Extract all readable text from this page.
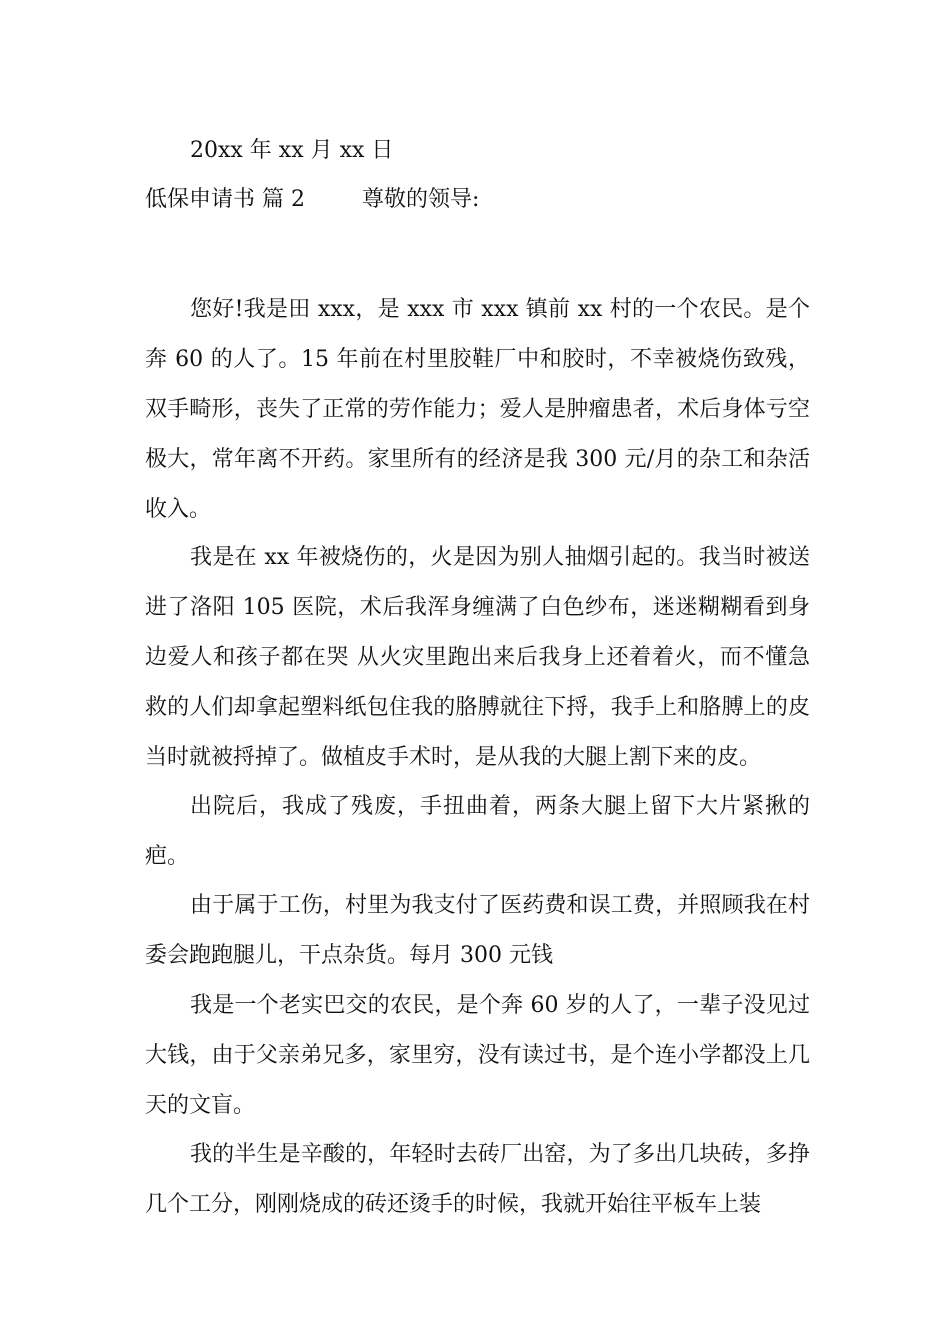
20xx 年 xx 月 xx 日
低保申请书 篇 2	尊敬的领导:

您好!我是田 xxx，是 xxx 市 xxx 镇前 xx 村的一个农民。是个奔 60 的人了。15 年前在村里胶鞋厂中和胶时，不幸被烧伤致残，双手畸形，丧失了正常的劳作能力；爱人是肿瘤患者，术后身体亏空极大，常年离不开药。家里所有的经济是我 300 元/月的杂工和杂活收入。

我是在 xx 年被烧伤的，火是因为别人抽烟引起的。我当时被送进了洛阳 105 医院，术后我浑身缠满了白色纱布，迷迷糊糊看到身边爱人和孩子都在哭 从火灾里跑出来后我身上还着着火，而不懂急救的人们却拿起塑料纸包住我的胳膊就往下捋，我手上和胳膊上的皮当时就被捋掉了。做植皮手术时，是从我的大腿上割下来的皮。

出院后，我成了残废，手扭曲着，两条大腿上留下大片紧揪的疤。

由于属于工伤，村里为我支付了医药费和误工费，并照顾我在村委会跑跑腿儿，干点杂货。每月 300 元钱

我是一个老实巴交的农民，是个奔 60 岁的人了，一辈子没见过大钱，由于父亲弟兄多，家里穷，没有读过书，是个连小学都没上几天的文盲。

我的半生是辛酸的，年轻时去砖厂出窑，为了多出几块砖，多挣几个工分，刚刚烧成的砖还烫手的时候，我就开始往平板车上装
